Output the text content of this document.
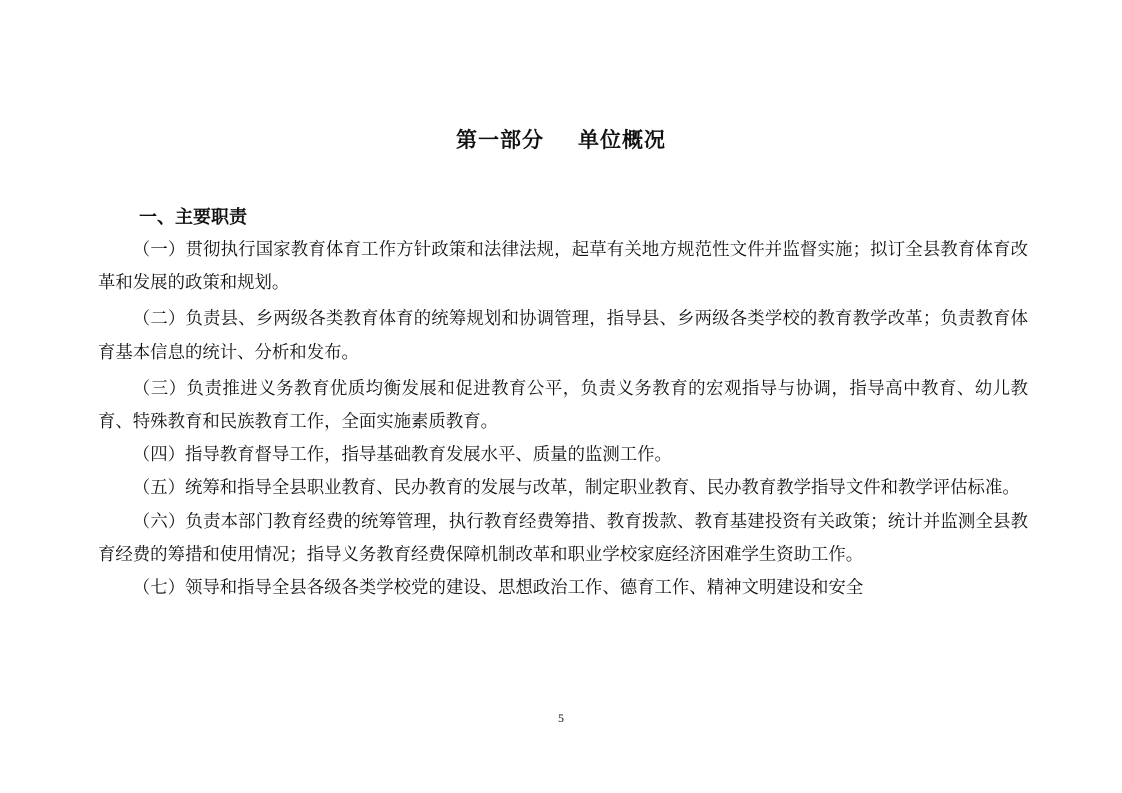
第一部分 单位概况
一、主要职责

（一）贯彻执行国家教育体育工作方针政策和法律法规，起草有关地方规范性文件并监督实施；拟订全县教育体育改革和发展的政策和规划。

（二）负责县、乡两级各类教育体育的统筹规划和协调管理，指导县、乡两级各类学校的教育教学改革；负责教育体育基本信息的统计、分析和发布。

（三）负责推进义务教育优质均衡发展和促进教育公平，负责义务教育的宏观指导与协调，指导高中教育、幼儿教育、特殊教育和民族教育工作，全面实施素质教育。

（四）指导教育督导工作，指导基础教育发展水平、质量的监测工作。

（五）统筹和指导全县职业教育、民办教育的发展与改革，制定职业教育、民办教育教学指导文件和教学评估标准。

（六）负责本部门教育经费的统筹管理，执行教育经费筹措、教育拨款、教育基建投资有关政策；统计并监测全县教育经费的筹措和使用情况；指导义务教育经费保障机制改革和职业学校家庭经济困难学生资助工作。

（七）领导和指导全县各级各类学校党的建设、思想政治工作、德育工作、精神文明建设和安全

5
